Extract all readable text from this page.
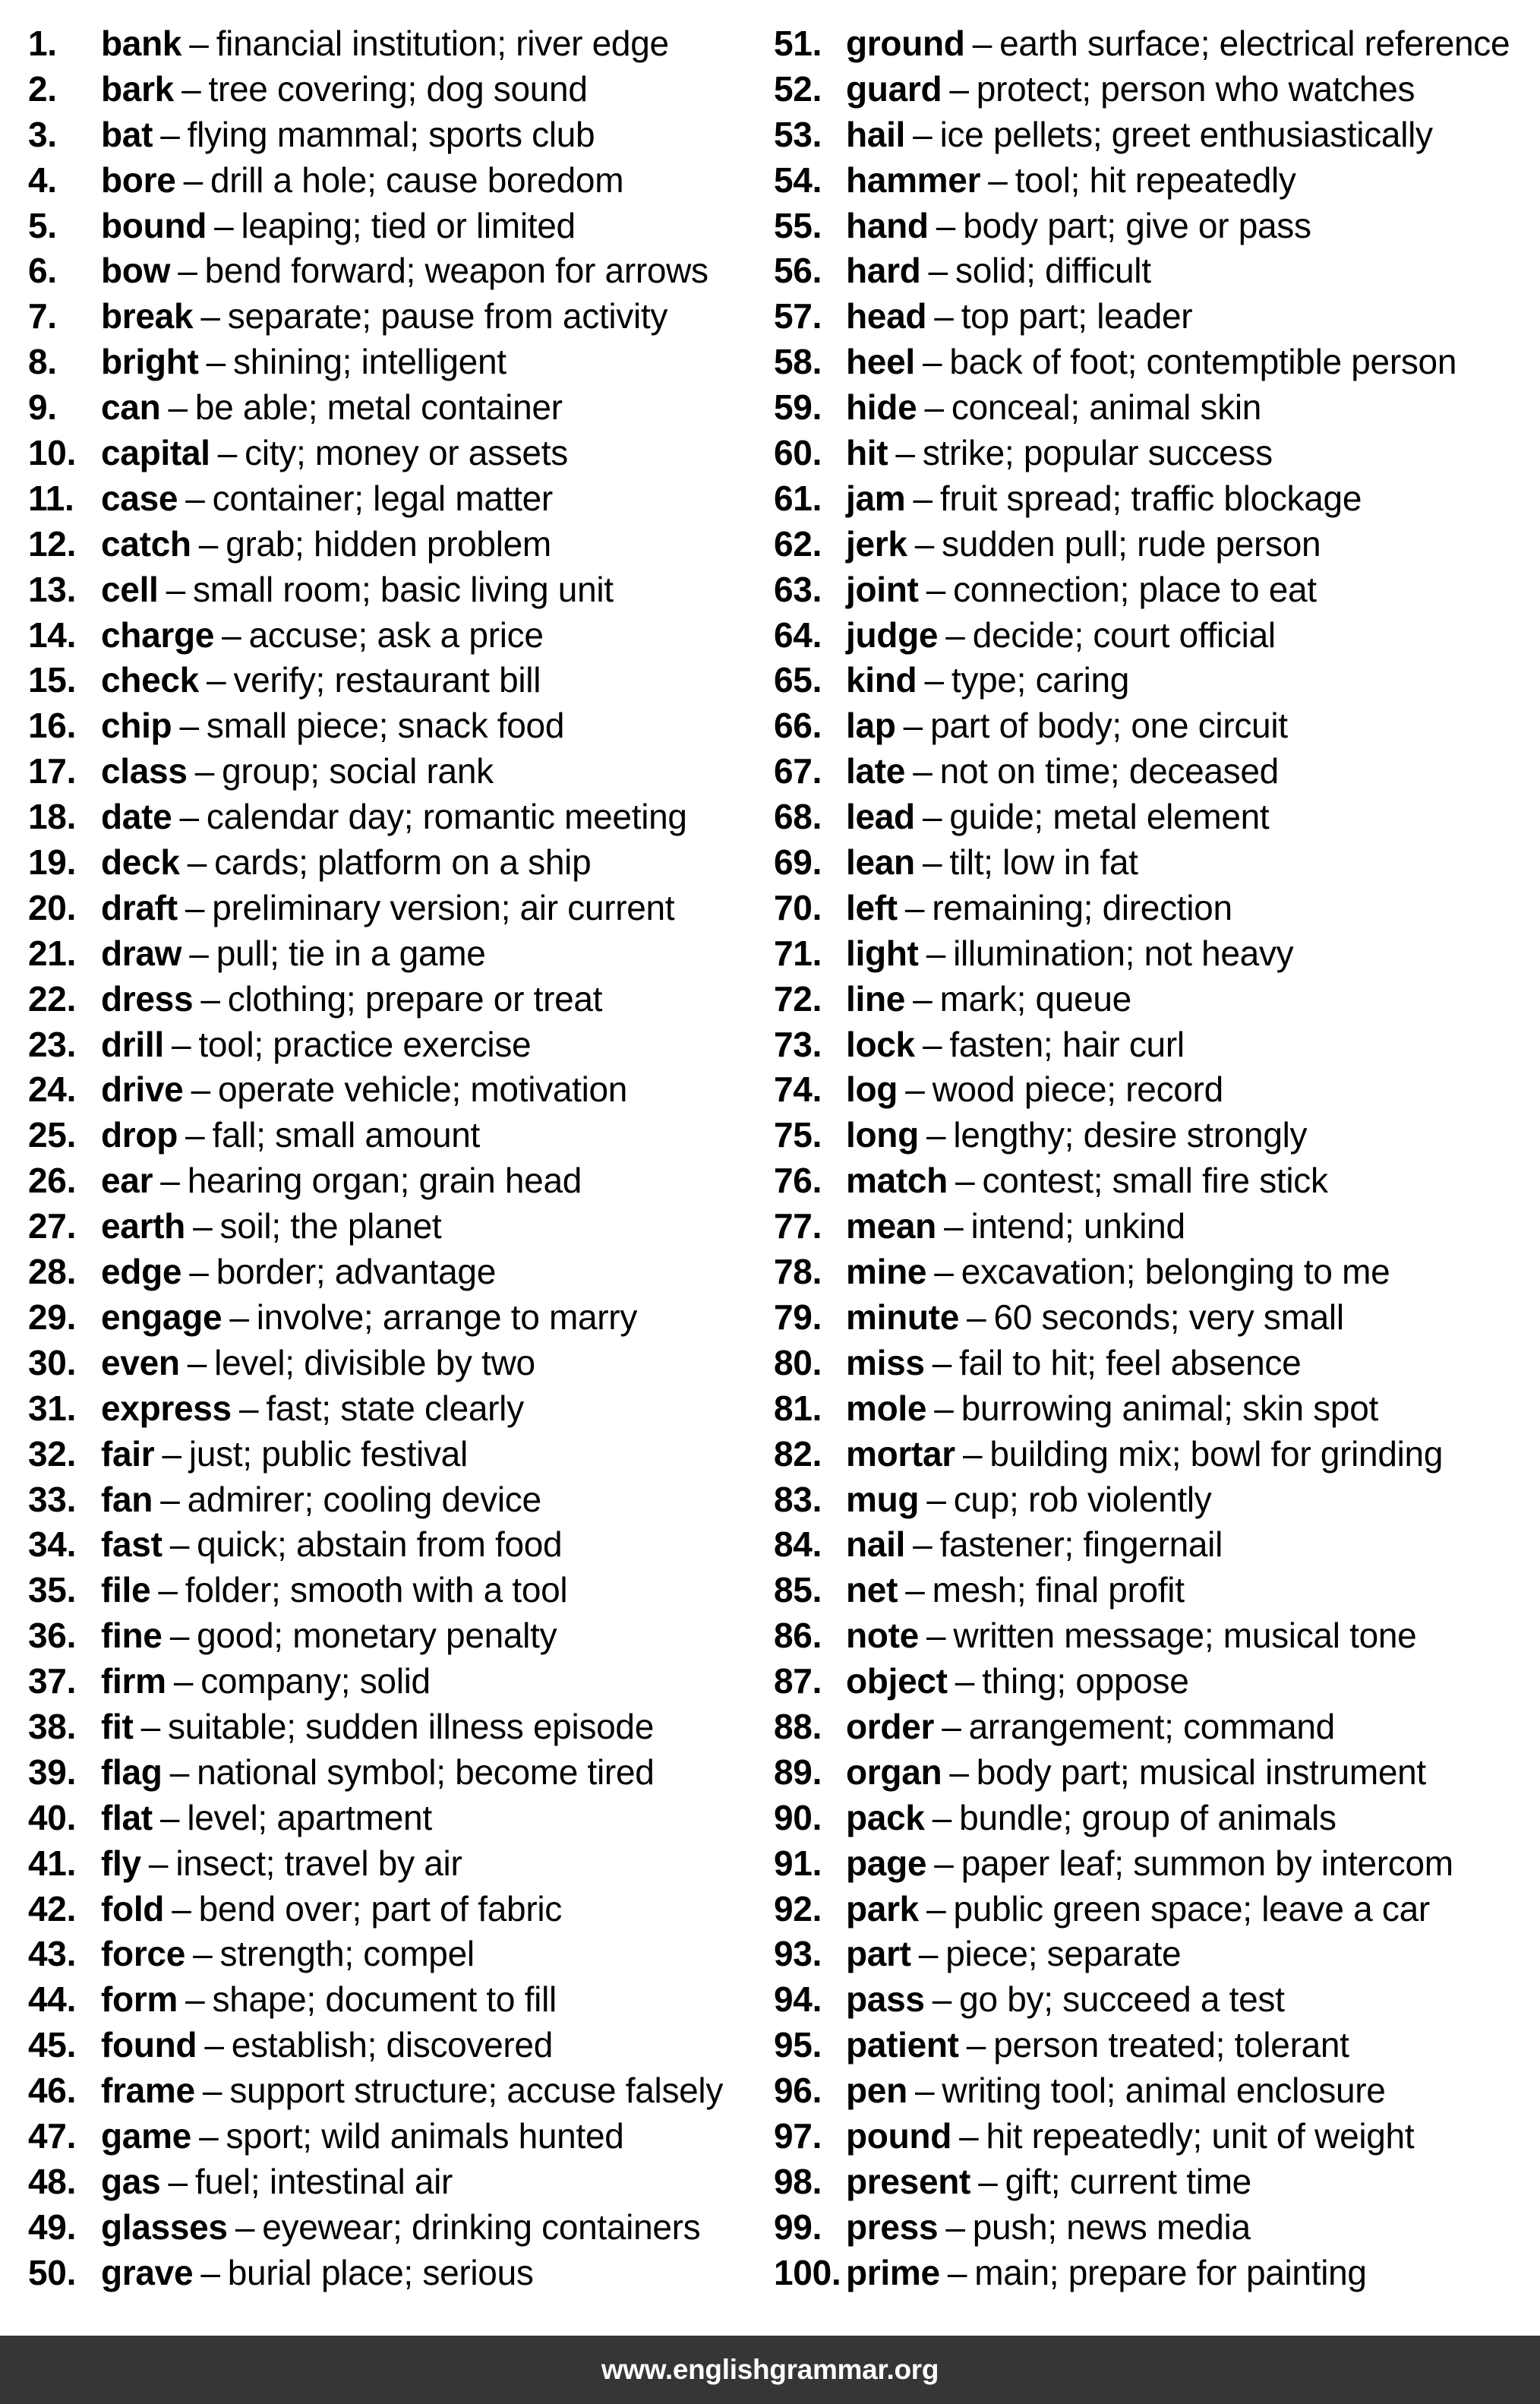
1.	bank – financial institution; river edge
2.	bark – tree covering; dog sound
3.	bat – flying mammal; sports club
4.	bore – drill a hole; cause boredom
5.	bound – leaping; tied or limited
6.	bow – bend forward; weapon for arrows
7.	break – separate; pause from activity
8.	bright – shining; intelligent
9.	can – be able; metal container
10. capital – city; money or assets
11. case – container; legal matter
12. catch – grab; hidden problem
13. cell – small room; basic living unit
14. charge – accuse; ask a price
15. check – verify; restaurant bill
16. chip – small piece; snack food
17. class – group; social rank
18. date – calendar day; romantic meeting
19. deck – cards; platform on a ship
20. draft – preliminary version; air current
21. draw – pull; tie in a game
22. dress – clothing; prepare or treat
23. drill – tool; practice exercise
24. drive – operate vehicle; motivation
25. drop – fall; small amount
26. ear – hearing organ; grain head
27. earth – soil; the planet
28. edge – border; advantage
29. engage – involve; arrange to marry
30. even – level; divisible by two
31. express – fast; state clearly
32. fair – just; public festival
33. fan – admirer; cooling device
34. fast – quick; abstain from food
35. file – folder; smooth with a tool
36. fine – good; monetary penalty
37. firm – company; solid
38. fit – suitable; sudden illness episode
39. flag – national symbol; become tired
40. flat – level; apartment
41. fly – insect; travel by air
42. fold – bend over; part of fabric
43. force – strength; compel
44. form – shape; document to fill
45. found – establish; discovered
46. frame – support structure; accuse falsely
47. game – sport; wild animals hunted
48. gas – fuel; intestinal air
49. glasses – eyewear; drinking containers
50. grave – burial place; serious
51. ground – earth surface; electrical reference
52. guard – protect; person who watches
53. hail – ice pellets; greet enthusiastically
54. hammer – tool; hit repeatedly
55. hand – body part; give or pass
56. hard – solid; difficult
57. head – top part; leader
58. heel – back of foot; contemptible person
59. hide – conceal; animal skin
60. hit – strike; popular success
61. jam – fruit spread; traffic blockage
62. jerk – sudden pull; rude person
63. joint – connection; place to eat
64. judge – decide; court official
65. kind – type; caring
66. lap – part of body; one circuit
67. late – not on time; deceased
68. lead – guide; metal element
69. lean – tilt; low in fat
70. left – remaining; direction
71. light – illumination; not heavy
72. line – mark; queue
73. lock – fasten; hair curl
74. log – wood piece; record
75. long – lengthy; desire strongly
76. match – contest; small fire stick
77. mean – intend; unkind
78. mine – excavation; belonging to me
79. minute – 60 seconds; very small
80. miss – fail to hit; feel absence
81. mole – burrowing animal; skin spot
82. mortar – building mix; bowl for grinding
83. mug – cup; rob violently
84. nail – fastener; fingernail
85. net – mesh; final profit
86. note – written message; musical tone
87. object – thing; oppose
88. order – arrangement; command
89. organ – body part; musical instrument
90. pack – bundle; group of animals
91. page – paper leaf; summon by intercom
92. park – public green space; leave a car
93. part – piece; separate
94. pass – go by; succeed a test
95. patient – person treated; tolerant
96. pen – writing tool; animal enclosure
97. pound – hit repeatedly; unit of weight
98. present – gift; current time
99. press – push; news media
100. prime – main; prepare for painting
www.englishgrammar.org
